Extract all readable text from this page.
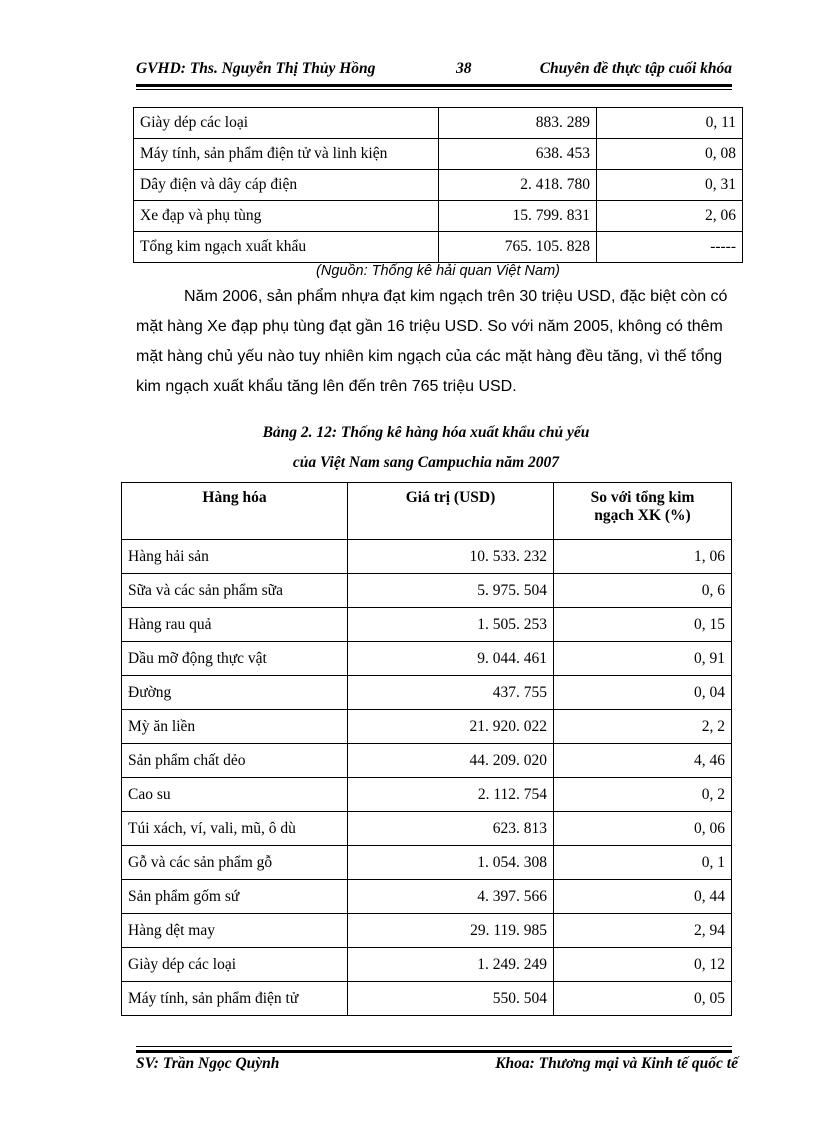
GVHD: Ths. Nguyễn Thị Thủy Hồng	38	Chuyên đề thực tập cuối khóa
Giày dép các loại	883. 289	0, 11
Máy tính, sản phẩm điện tử và linh kiện	638. 453	0, 08
Dây điện và dây cáp điện	2. 418. 780	0, 31
Xe đạp và phụ tùng	15. 799. 831	2, 06
Tổng kim ngạch xuất khẩu	765. 105. 828	-----
(Nguồn: Thống kê hải quan Việt Nam)
Năm 2006, sản phẩm nhựa đạt kim ngạch trên 30 triệu USD, đặc biệt còn có mặt hàng Xe đạp phụ tùng đạt gần 16 triệu USD. So với năm 2005, không có thêm mặt hàng chủ yếu nào tuy nhiên kim ngạch của các mặt hàng đều tăng, vì thế tổng kim ngạch xuất khẩu tăng lên đến trên 765 triệu USD.
Bảng 2. 12: Thống kê hàng hóa xuất khẩu chủ yếu
của Việt Nam sang Campuchia năm 2007
Hàng hóa	Giá trị (USD)	So với tổng kim ngạch XK (%)
Hàng hải sản	10. 533. 232	1, 06
Sữa và các sản phẩm sữa	5. 975. 504	0, 6
Hàng rau quả	1. 505. 253	0, 15
Dầu mỡ động thực vật	9. 044. 461	0, 91
Đường	437. 755	0, 04
Mỳ ăn liền	21. 920. 022	2, 2
Sản phẩm chất dẻo	44. 209. 020	4, 46
Cao su	2. 112. 754	0, 2
Túi xách, ví, vali, mũ, ô dù	623. 813	0, 06
Gỗ và các sản phẩm gỗ	1. 054. 308	0, 1
Sản phẩm gốm sứ	4. 397. 566	0, 44
Hàng dệt may	29. 119. 985	2, 94
Giày dép các loại	1. 249. 249	0, 12
Máy tính, sản phẩm điện tử	550. 504	0, 05
SV: Trần Ngọc Quỳnh	Khoa: Thương mại và Kinh tế quốc tế
